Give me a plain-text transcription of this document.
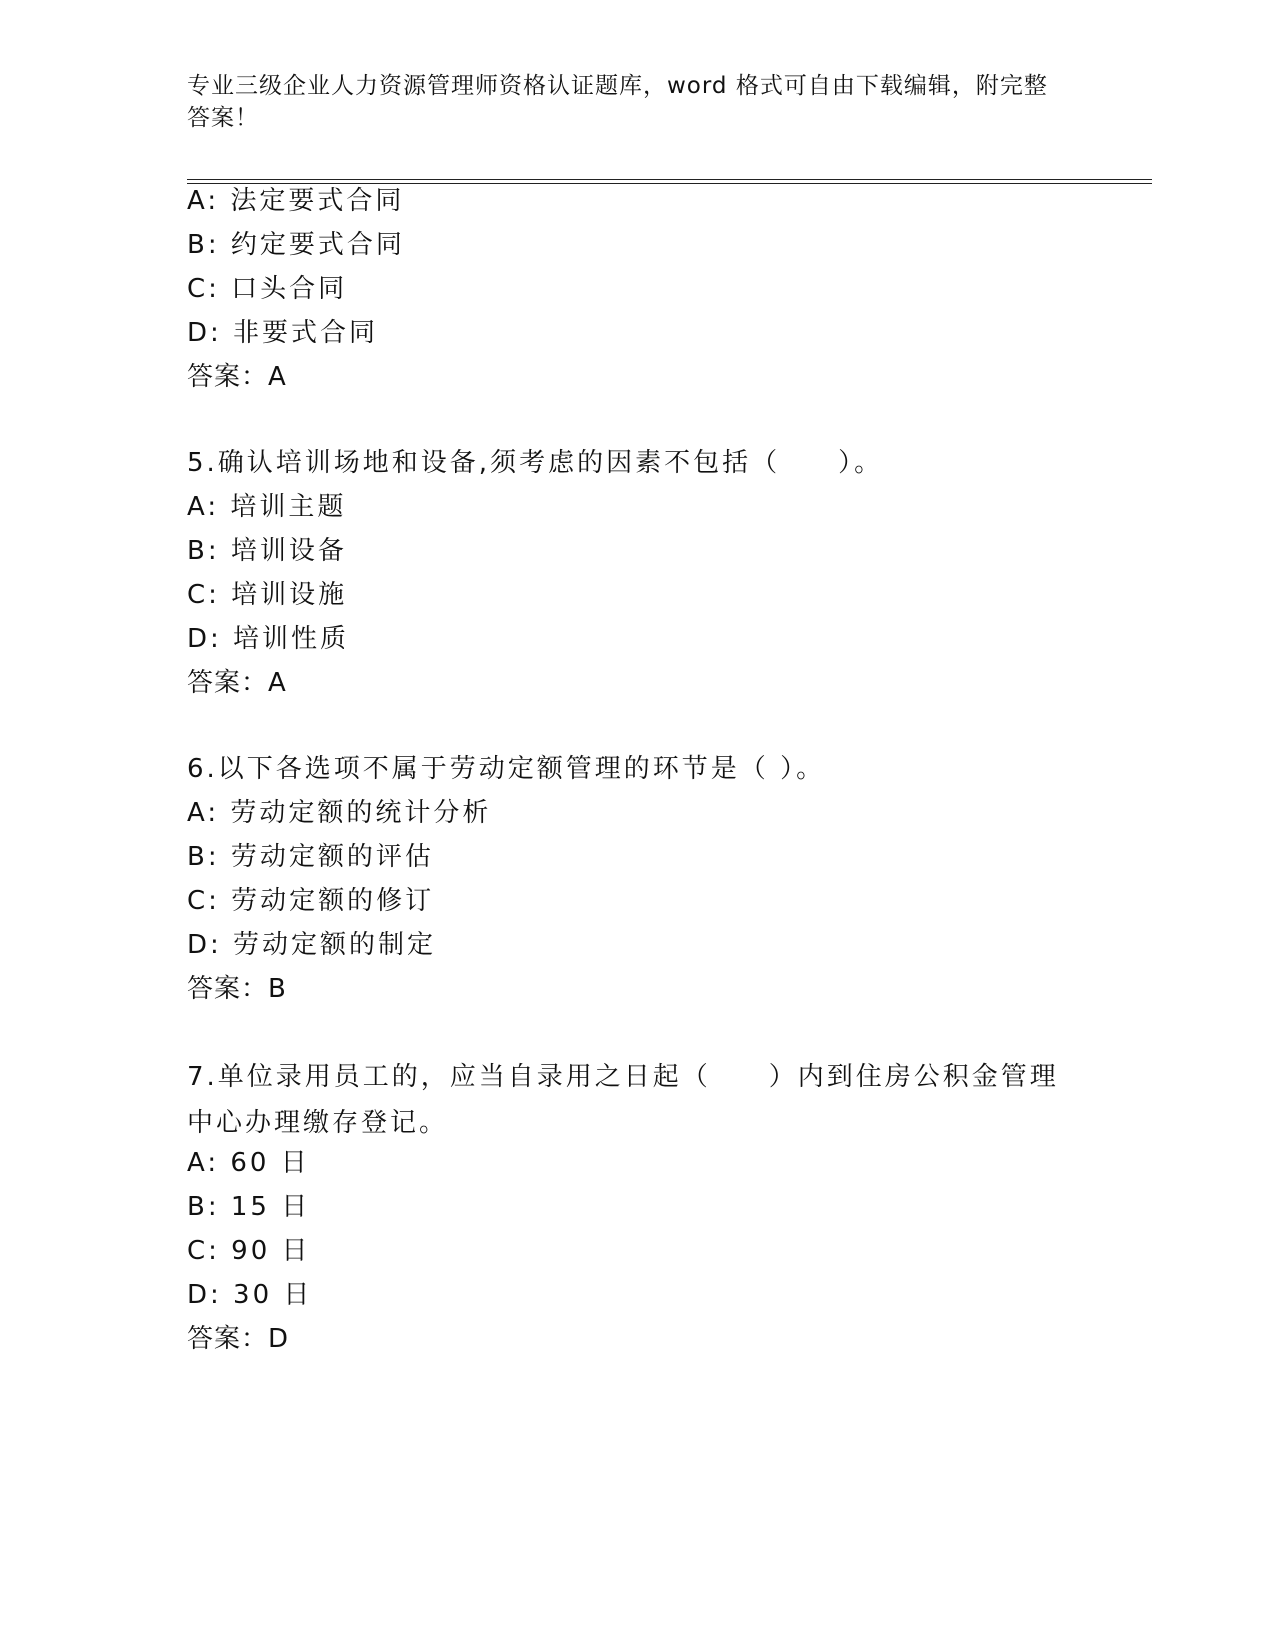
专业三级企业人力资源管理师资格认证题库，word 格式可自由下载编辑，附完整答案！
A: 法定要式合同
B: 约定要式合同
C: 口头合同
D: 非要式合同
答案：A
5.确认培训场地和设备,须考虑的因素不包括（　　）。
A: 培训主题
B: 培训设备
C: 培训设施
D: 培训性质
答案：A
6.以下各选项不属于劳动定额管理的环节是（ ）。
A: 劳动定额的统计分析
B: 劳动定额的评估
C: 劳动定额的修订
D: 劳动定额的制定
答案：B
7.单位录用员工的，应当自录用之日起（　　）内到住房公积金管理中心办理缴存登记。
A: 60 日
B: 15 日
C: 90 日
D: 30 日
答案：D
